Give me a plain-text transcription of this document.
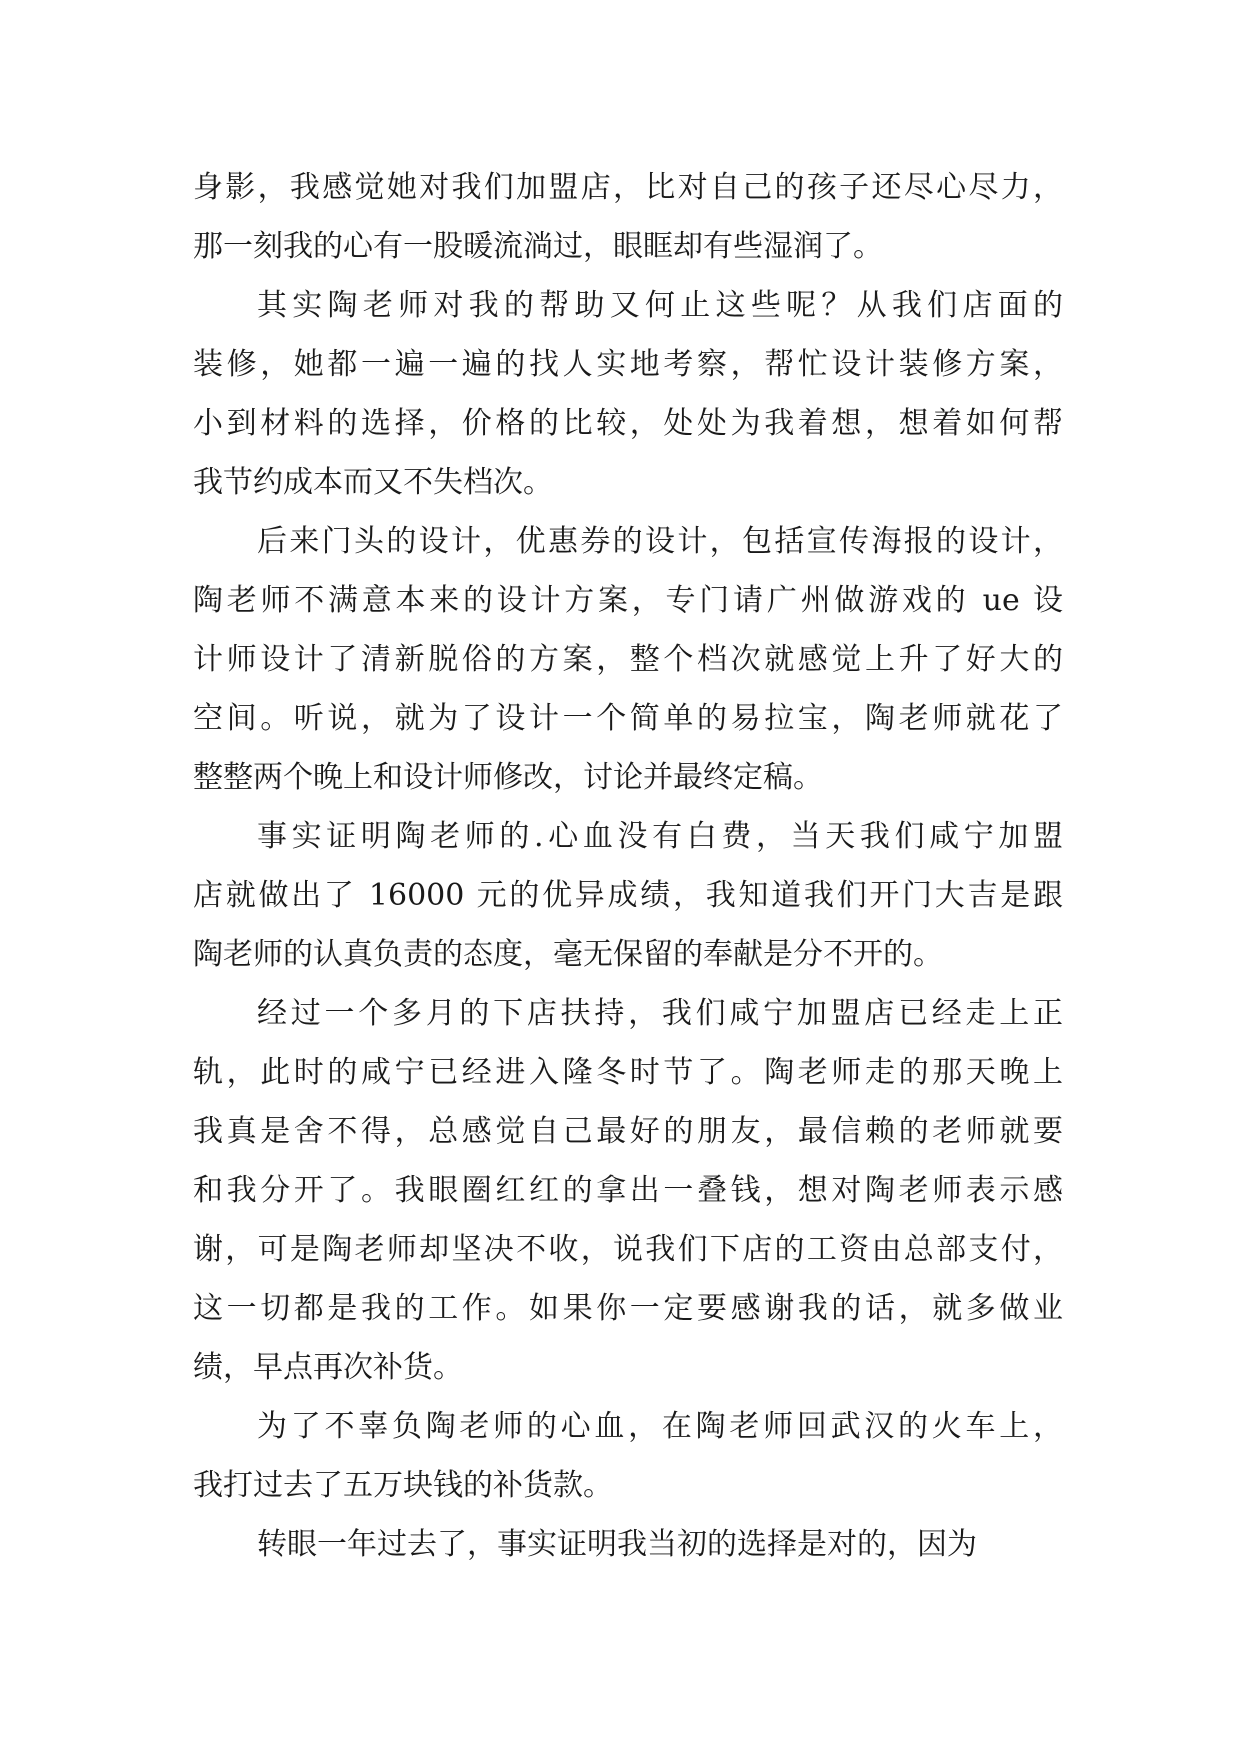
身影，我感觉她对我们加盟店，比对自己的孩子还尽心尽力，
那一刻我的心有一股暖流淌过，眼眶却有些湿润了。
其实陶老师对我的帮助又何止这些呢？从我们店面的
装修，她都一遍一遍的找人实地考察，帮忙设计装修方案，
小到材料的选择，价格的比较，处处为我着想，想着如何帮
我节约成本而又不失档次。
后来门头的设计，优惠券的设计，包括宣传海报的设计，
陶老师不满意本来的设计方案，专门请广州做游戏的 ue 设
计师设计了清新脱俗的方案，整个档次就感觉上升了好大的
空间。听说，就为了设计一个简单的易拉宝，陶老师就花了
整整两个晚上和设计师修改，讨论并最终定稿。
事实证明陶老师的.心血没有白费，当天我们咸宁加盟
店就做出了 16000 元的优异成绩，我知道我们开门大吉是跟
陶老师的认真负责的态度，毫无保留的奉献是分不开的。
经过一个多月的下店扶持，我们咸宁加盟店已经走上正
轨，此时的咸宁已经进入隆冬时节了。陶老师走的那天晚上
我真是舍不得，总感觉自己最好的朋友，最信赖的老师就要
和我分开了。我眼圈红红的拿出一叠钱，想对陶老师表示感
谢，可是陶老师却坚决不收，说我们下店的工资由总部支付，
这一切都是我的工作。如果你一定要感谢我的话，就多做业
绩，早点再次补货。
为了不辜负陶老师的心血，在陶老师回武汉的火车上，
我打过去了五万块钱的补货款。
转眼一年过去了，事实证明我当初的选择是对的，因为
